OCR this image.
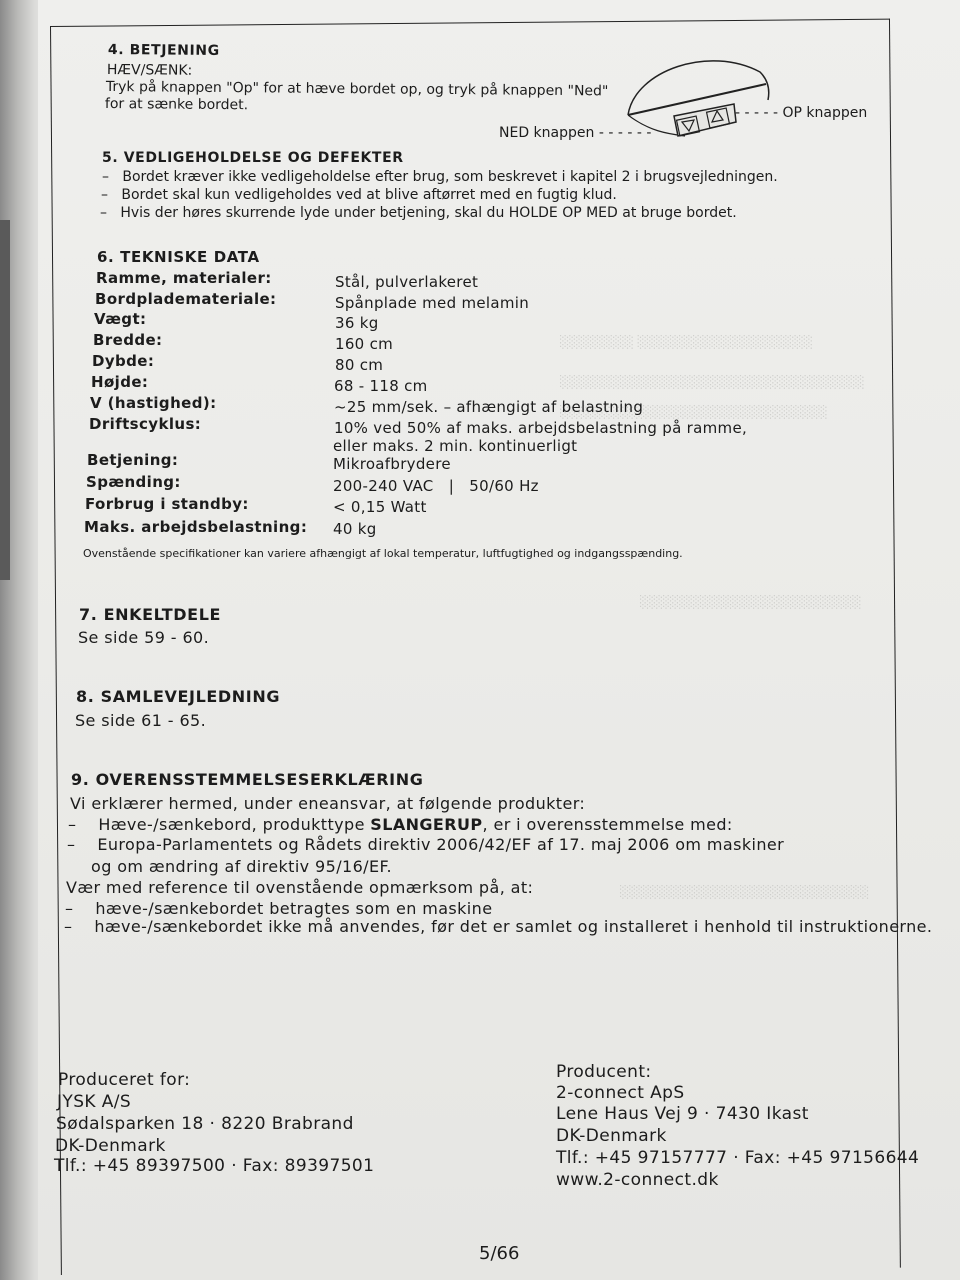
░░░░░░░░ ░░░░░░░░░░░░░░░░░░░
░░░░░░░░░░░░░░░░░░░░░░░░░░░░░░░░░
░░░░░░░░░░░░░░░░░░░░░░░░░░░░░
░░░░░░░░░░░░░░░░░░░░░░░░
░░░░░░░░░░░░░░░░░░░░░░░░░░░
4. BETJENING
HÆV/SÆNK:
Tryk på knappen "Op" for at hæve bordet op, og tryk på knappen "Ned"
for at sænke bordet.
NED knappen - - - - - -
- - - - - OP knappen
5. VEDLIGEHOLDELSE OG DEFEKTER
–   Bordet kræver ikke vedligeholdelse efter brug, som beskrevet i kapitel 2 i brugsvejledningen.
–   Bordet skal kun vedligeholdes ved at blive aftørret med en fugtig klud.
–   Hvis der høres skurrende lyde under betjening, skal du HOLDE OP MED at bruge bordet.
6. TEKNISKE DATA
Ramme, materialer:	Stål, pulverlakeret
Bordplademateriale:	Spånplade med melamin
Vægt:	36 kg
Bredde:	160 cm
Dybde:	80 cm
Højde:	68 - 118 cm
V (hastighed):	~25 mm/sek. – afhængigt af belastning
Driftscyklus:	10% ved 50% af maks. arbejdsbelastning på ramme,
eller maks. 2 min. kontinuerligt
Betjening:	Mikroafbrydere
Spænding:	200-240 VAC   |   50/60 Hz
Forbrug i standby:	< 0,15 Watt
Maks. arbejdsbelastning: 40 kg
Ovenstående specifikationer kan variere afhængigt af lokal temperatur, luftfugtighed og indgangsspænding.
7. ENKELTDELE
Se side 59 - 60.
8. SAMLEVEJLEDNING
Se side 61 - 65.
9. OVERENSSTEMMELSESERKLÆRING
Vi erklærer hermed, under eneansvar, at følgende produkter:
–    Hæve-/sænkebord, produkttype SLANGERUP, er i overensstemmelse med:
–    Europa-Parlamentets og Rådets direktiv 2006/42/EF af 17. maj 2006 om maskiner
og om ændring af direktiv 95/16/EF.
Vær med reference til ovenstående opmærksom på, at:
–    hæve-/sænkebordet betragtes som en maskine
–    hæve-/sænkebordet ikke må anvendes, før det er samlet og installeret i henhold til instruktionerne.
Produceret for:
JYSK A/S
Sødalsparken 18 · 8220 Brabrand
DK-Denmark
Tlf.: +45 89397500 · Fax: 89397501
Producent:
2-connect ApS
Lene Haus Vej 9 · 7430 Ikast
DK-Denmark
Tlf.: +45 97157777 · Fax: +45 97156644
www.2-connect.dk
5/66
